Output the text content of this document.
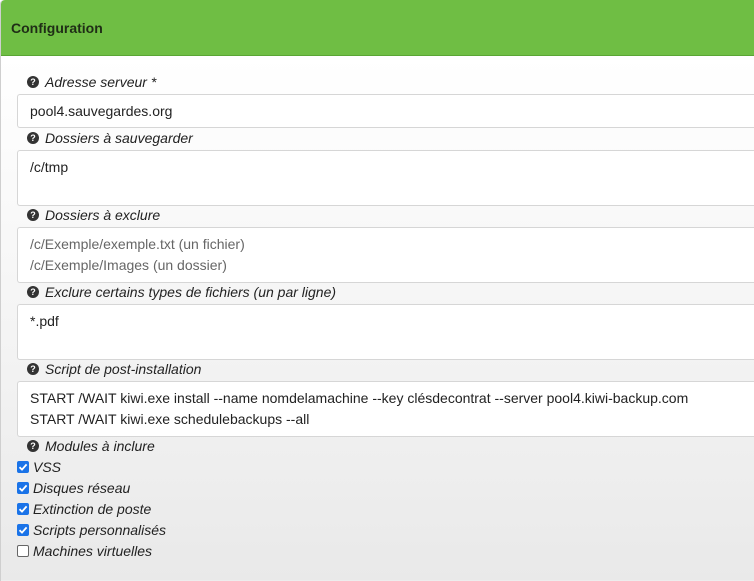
Configuration
? Adresse serveur *
pool4.sauvegardes.org
? Dossiers à sauvegarder
/c/tmp
? Dossiers à exclure
/c/Exemple/exemple.txt (un fichier)
/c/Exemple/Images (un dossier)
? Exclure certains types de fichiers (un par ligne)
*.pdf
? Script de post-installation
START /WAIT kiwi.exe install --name nomdelamachine --key clésdecontrat --server pool4.kiwi-backup.com
START /WAIT kiwi.exe schedulebackups --all
? Modules à inclure
VSS
Disques réseau
Extinction de poste
Scripts personnalisés
Machines virtuelles
